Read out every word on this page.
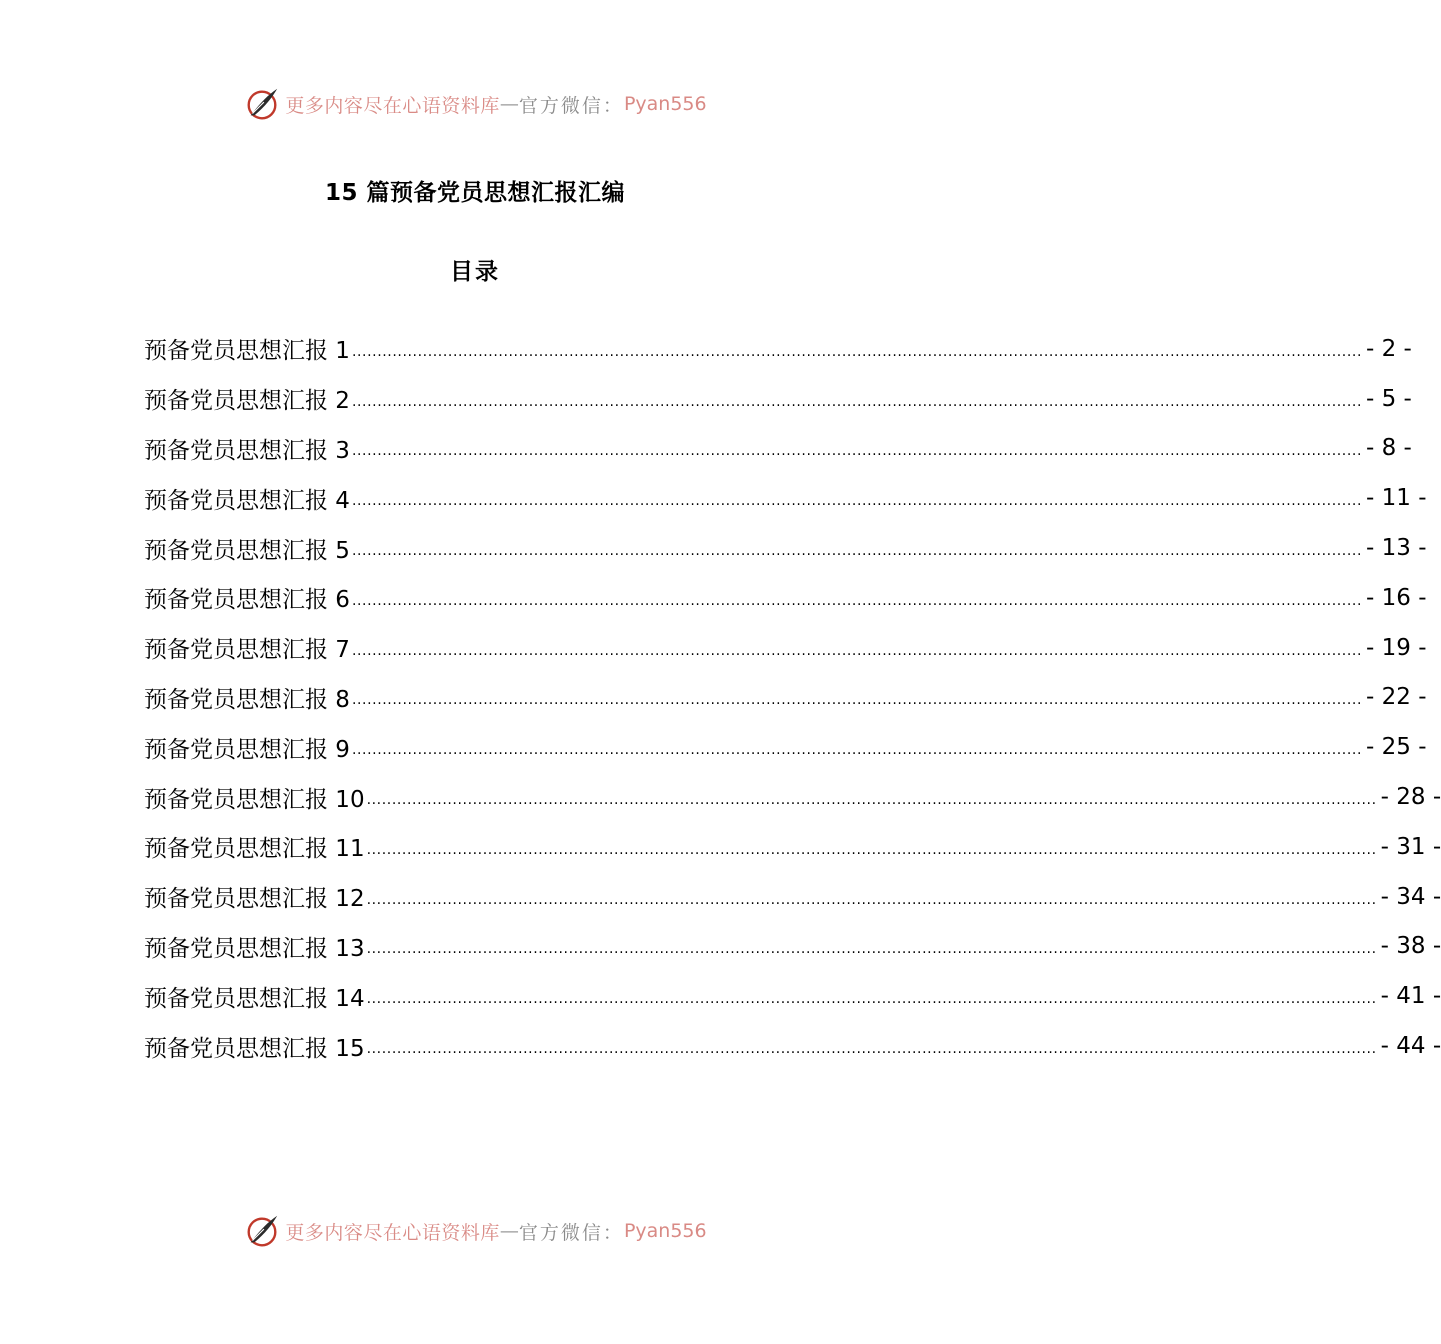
更多内容尽在心语资料库 — 官方微信： Pyan556
15 篇预备党员思想汇报汇编
目录
预备党员思想汇报 1 ........................................................................................................................................................................................................ - 2 -
预备党员思想汇报 2 ........................................................................................................................................................................................................ - 5 -
预备党员思想汇报 3 ........................................................................................................................................................................................................ - 8 -
预备党员思想汇报 4 ........................................................................................................................................................................................................ - 11 -
预备党员思想汇报 5 ........................................................................................................................................................................................................ - 13 -
预备党员思想汇报 6 ........................................................................................................................................................................................................ - 16 -
预备党员思想汇报 7 ........................................................................................................................................................................................................ - 19 -
预备党员思想汇报 8 ........................................................................................................................................................................................................ - 22 -
预备党员思想汇报 9 ........................................................................................................................................................................................................ - 25 -
预备党员思想汇报 10 ........................................................................................................................................................................................................ - 28 -
预备党员思想汇报 11 ........................................................................................................................................................................................................ - 31 -
预备党员思想汇报 12 ........................................................................................................................................................................................................ - 34 -
预备党员思想汇报 13 ........................................................................................................................................................................................................ - 38 -
预备党员思想汇报 14 ........................................................................................................................................................................................................ - 41 -
预备党员思想汇报 15 ........................................................................................................................................................................................................ - 44 -
更多内容尽在心语资料库 — 官方微信： Pyan556
